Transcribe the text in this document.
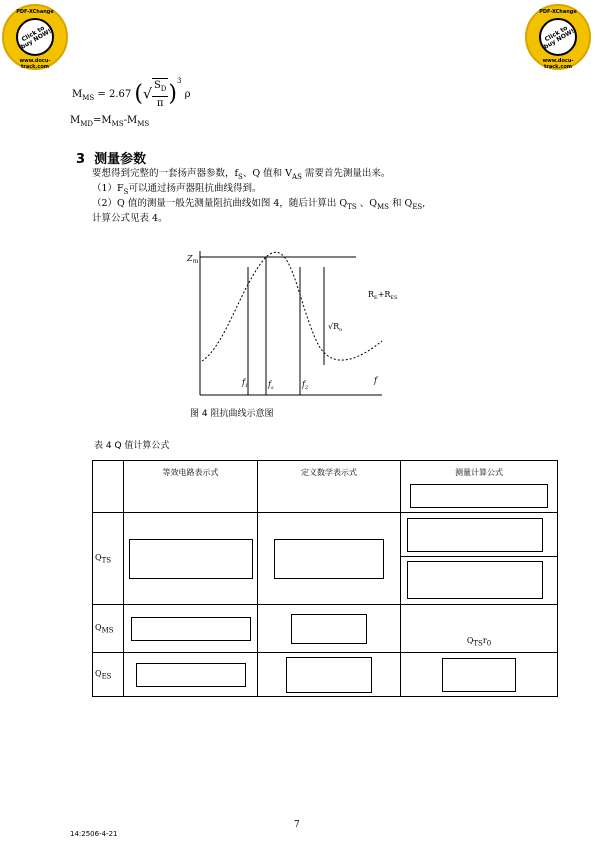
PDF-XChange
Click to buy NOW!
www.docu-track.com
PDF-XChange
Click to buy NOW!
www.docu-track.com
$M_{MS} = 2.67$ (√ $\frac{S_D}{\pi} )^3$ ρ
$M_{MD}=M_{MS}-M_{MS}$
3 测量参数
要想得到完整的一套扬声器参数，$f_S$、Q 值和 $V_{AS}$ 需要首先测量出来。
$(1)F_S$可以通过扬声器阻抗曲线得到。
（2）Q 值的测量一般先测量阻抗曲线如图 4，随后计算出 $Q_{TS}$ 、$Q_{MS}$ 和 $Q_{ES}$,
计算公式见表 4。
$Z_m$
$R_E+R_{ES}$
$√R_o$
$f_1$ $f_s$	$f_2$
f
图 4 阻抗曲线示意图
表 4 Q 值计算公式
	等效电路表示式	定义数学表示式	测量计算公式

$Q_{TS}$			

$Q_{MS}$			$Q_{TS}r_0$
$Q_{ES}$			
7
14:2506-4-21
